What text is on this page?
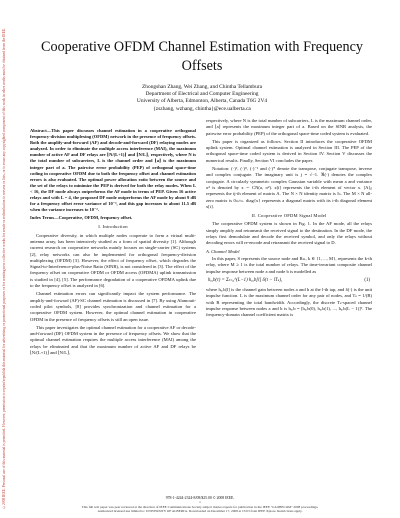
©2008 IEEE. Personal use of this material is permitted. However, permission to reprint/republish this material for advertising or promotional purposes or for creating new collective works for resale or redistribution to servers or lists, or to reuse any copyrighted component of this work in other works must be obtained from the IEEE.	Cooperative OFDM Channel Estimation with Frequency Offsets
Zhongshan Zhang, Wei Zhang, and Chintha Tellambura
Department of Electrical and Computer Engineering
University of Alberta, Edmonton, Alberta, Canada T6G 2V4
{zszhang, wzhang, chintha}@ece.ualberta.ca

Abstract—This paper discusses channel estimation in a cooperative orthogonal frequency-division multiplexing (OFDM) network in the presence of frequency offsets. Both the amplify-and-forward (AF) and decode-and-forward (DF) relaying modes are analyzed. In order to eliminate the multiple access interference (MAI), the maximum number of active AF and DF relays are ⌊N/(L+1)⌋ and ⌊N/L⌋, respectively, where N is the total number of subcarriers, L is the channel order and ⌊a⌋ is the maximum integer part of a. The pairwise error probability (PEP) of orthogonal space-time coding in cooperative OFDM due to both the frequency offset and channel estimation errors is also evaluated. The optimal power allocation ratio between the source and the set of the relays to minimize the PEP is derived for both the relay modes. When L < 16, the DF mode always outperforms the AF mode in terms of PEP. Given 16 active relays and with L = 4, the proposed DF mode outperforms the AF mode by about 9 dB for a frequency offset error variance of 10⁻³, and this gap increases to about 11.5 dB when the variance increases to 10⁻².

Index Terms—Cooperative, OFDM, frequency offset.

I. Introduction

Cooperative diversity, in which multiple nodes cooperate to form a virtual multi-antenna array, has been intensively studied as a form of spatial diversity [1]. Although current research on cooperative networks mainly focuses on single-carrier (SC) systems [2], relay networks can also be implemented for orthogonal frequency-division multiplexing (OFDM) [3]. However, the effect of frequency offset, which degrades the Signal-to-Interference-plus-Noise Ratio (SINR), is not considered in [3]. The effect of the frequency offset on cooperative OFDM or OFDM access (OFDMA) uplink transmission is studied in [4], [5]. The performance degradation of a cooperative OFDMA uplink due to the frequency offset is analyzed in [6].

Channel estimation errors can significantly impact the system performance. The amplify-and-forward (AF)-SC channel estimation is discussed in [7]. By using Alamouti-coded pilot symbols, [8] provides synchronization and channel estimation for a cooperative OFDM system. However, the optimal channel estimation in cooperative OFDM in the presence of frequency offsets is still an open issue.

This paper investigates the optimal channel estimation for a cooperative AF or decode-and-forward (DF) OFDM system in the presence of frequency offsets. We show that the optimal channel estimation requires the multiple access interference (MAI) among the relays be eliminated and that the maximum number of active AF and DF relays be ⌊N/(L+1)⌋ and ⌊N/L⌋,

respectively, where N is the total number of subcarriers, L is the maximum channel order, and ⌊a⌋ represents the maximum integer part of a. Based on the SINR analysis, the pairwise error probability (PEP) of the orthogonal space-time coded system is evaluated.

This paper is organized as follows. Section II introduces the cooperative OFDM uplink system. Optimal channel estimation is analyzed in Section III. The PEP of the orthogonal space-time coded system is derived in Section IV. Section V discusses the numerical results. Finally, Section VI concludes the paper.

Notation: (·)ᵀ, (·)ᴴ, (·)⁻¹ and (·)* denote the transpose, conjugate transpose, inverse and complex conjugate. The imaginary unit is j = √−1. ℜ(·) denotes the complex conjugate. A circularly symmetric complex Gaussian variable with mean a and variance σ² is denoted by z ∼ CN(a, σ²). x[i] represents the i-th element of vector x. [A]ᵢⱼ represents the ij-th element of matrix A. The N × N identity matrix is Iₙ. The M × N all-zero matrix is 0ₘ×ₙ. diag{x} represents a diagonal matrix with its i-th diagonal element x[i].

II. Cooperative OFDM Signal Model

The cooperative OFDM system is shown in Fig. 1. In the AF mode, all the relays simply amplify and retransmit the received signal to the destination. In the DF mode, the relays first demodulate and decode the received symbol, and only the relays without decoding errors will re-encode and retransmit the received signal to D.

A. Channel Model

In this paper, S represents the source node and Rₘ, k ∈ {1, ..., M}, represents the k-th relay, where M ≥ 1 is the total number of relays. The time-invariant composite channel impulse response between node a and node b is modelled as

hₐ,b(τ) = Σₗ₌₀^(L−1) hₐ,b[l] δ(τ − lTₛ),	(1)

where hₐ,b[l] is the channel gain between nodes a and b at the l-th tap, and δ(·) is the unit impulse function. L is the maximum channel order for any pair of nodes, and Tₛ = 1/(B) with B representing the total bandwidth. Accordingly, the discrete Tₛ-spaced channel impulse response between nodes a and b is hₐ,b = [hₐ,b(0), hₐ,b(1), ..., hₐ,b(L − 1)]ᵀ. The frequency-domain channel coefficient matrix is

978-1-4244-2324-8/08/$25.00 © 2008 IEEE.
1
This full text paper was peer reviewed at the direction of IEEE Communications Society subject matter experts for publication in the IEEE "GLOBECOM" 2008 proceedings.
Authorized licensed use limited to: UNIVERSITY OF ALBERTA. Downloaded on December 17, 2008 at 15:03 from IEEE Xplore. Restrictions apply.
